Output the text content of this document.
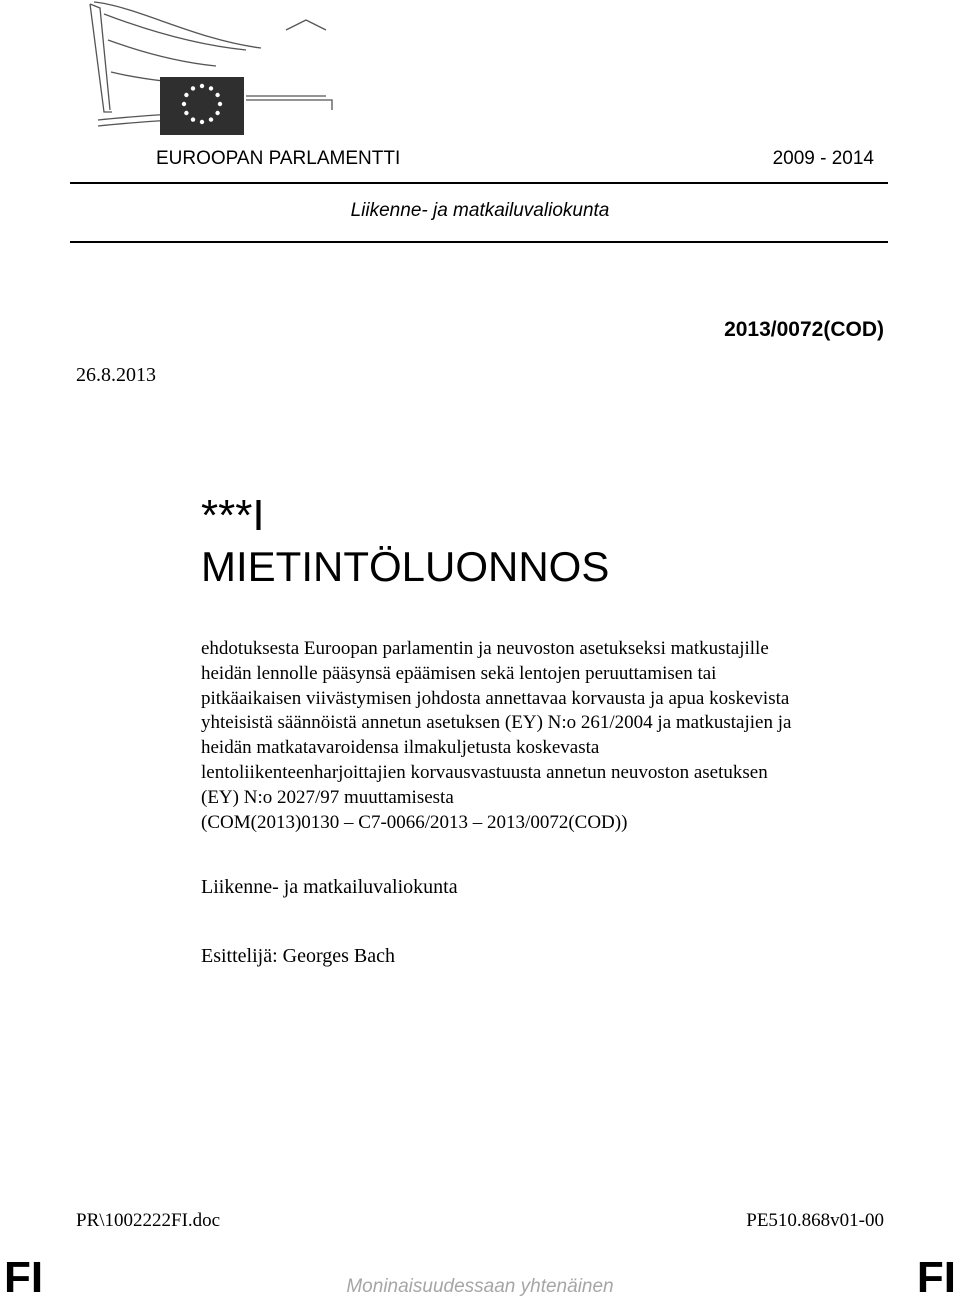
EUROOPAN PARLAMENTTI	2009 - 2014
Liikenne- ja matkailuvaliokunta
2013/0072(COD)
26.8.2013
***I
MIETINTÖLUONNOS
ehdotuksesta Euroopan parlamentin ja neuvoston asetukseksi matkustajille
heidän lennolle pääsynsä epäämisen sekä lentojen peruuttamisen tai
pitkäaikaisen viivästymisen johdosta annettavaa korvausta ja apua koskevista
yhteisistä säännöistä annetun asetuksen (EY) N:o 261/2004 ja matkustajien ja
heidän matkatavaroidensa ilmakuljetusta koskevasta
lentoliikenteenharjoittajien korvausvastuusta annetun neuvoston asetuksen
(EY) N:o 2027/97 muuttamisesta
(COM(2013)0130 – C7-0066/2013 – 2013/0072(COD))
Liikenne- ja matkailuvaliokunta
Esittelijä: Georges Bach
PR\1002222FI.doc	PE510.868v01-00
FI	FI
Moninaisuudessaan yhtenäinen
